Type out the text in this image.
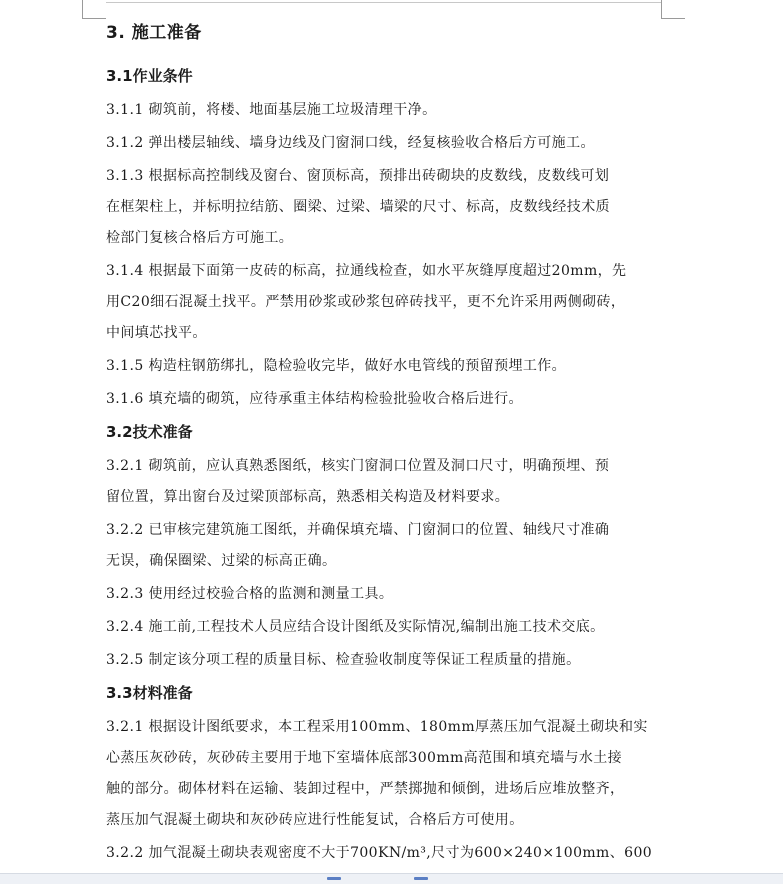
3. 施工准备
3.1作业条件
3.1.1 砌筑前，将楼、地面基层施工垃圾清理干净。
3.1.2 弹出楼层轴线、墙身边线及门窗洞口线，经复核验收合格后方可施工。
3.1.3 根据标高控制线及窗台、窗顶标高，预排出砖砌块的皮数线，皮数线可划
在框架柱上，并标明拉结筋、圈梁、过梁、墙梁的尺寸、标高，皮数线经技术质
检部门复核合格后方可施工。
3.1.4 根据最下面第一皮砖的标高，拉通线检查，如水平灰缝厚度超过20mm，先
用C20细石混凝土找平。严禁用砂浆或砂浆包碎砖找平，更不允许采用两侧砌砖，
中间填芯找平。
3.1.5 构造柱钢筋绑扎，隐检验收完毕，做好水电管线的预留预埋工作。
3.1.6 填充墙的砌筑，应待承重主体结构检验批验收合格后进行。
3.2技术准备
3.2.1 砌筑前，应认真熟悉图纸，核实门窗洞口位置及洞口尺寸，明确预埋、预
留位置，算出窗台及过梁顶部标高，熟悉相关构造及材料要求。
3.2.2 已审核完建筑施工图纸，并确保填充墙、门窗洞口的位置、轴线尺寸准确
无误，确保圈梁、过梁的标高正确。
3.2.3 使用经过校验合格的监测和测量工具。
3.2.4 施工前,工程技术人员应结合设计图纸及实际情况,编制出施工技术交底。
3.2.5 制定该分项工程的质量目标、检查验收制度等保证工程质量的措施。
3.3材料准备
3.2.1 根据设计图纸要求，本工程采用100mm、180mm厚蒸压加气混凝土砌块和实
心蒸压灰砂砖，灰砂砖主要用于地下室墙体底部300mm高范围和填充墙与水土接
触的部分。砌体材料在运输、装卸过程中，严禁掷抛和倾倒，进场后应堆放整齐，
蒸压加气混凝土砌块和灰砂砖应进行性能复试，合格后方可使用。
3.2.2 加气混凝土砌块表观密度不大于700KN/m³,尺寸为600×240×100mm、600
